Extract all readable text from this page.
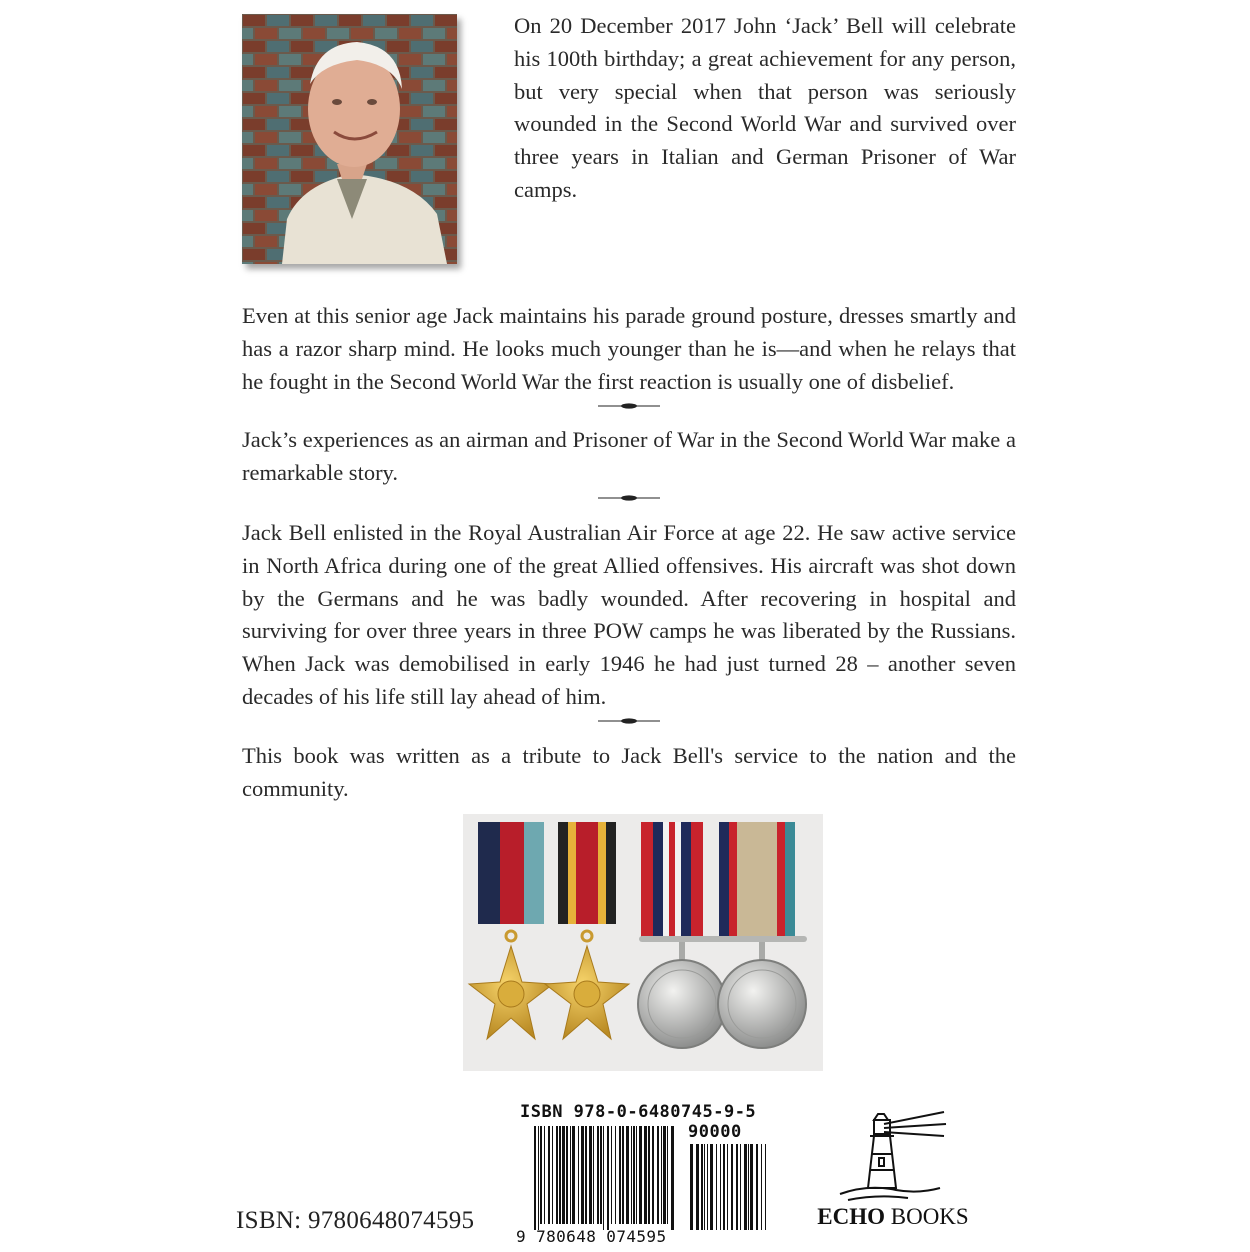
On 20 December 2017 John ‘Jack’ Bell will celebrate his 100th birthday; a great achievement for any person, but very special when that person was seriously wounded in the Second World War and survived over three years in Italian and German Prisoner of War camps.

Even at this senior age Jack maintains his parade ground posture, dresses smartly and has a razor sharp mind. He looks much younger than he is—and when he relays that he fought in the Second World War the first reaction is usually one of disbelief.

Jack’s experiences as an airman and Prisoner of War in the Second World War make a remarkable story.

Jack Bell enlisted in the Royal Australian Air Force at age 22. He saw active service in North Africa during one of the great Allied offensives. His aircraft was shot down by the Germans and he was badly wounded. After recovering in hospital and surviving for over three years in three POW camps he was liberated by the Russians. When Jack was demobilised in early 1946 he had just turned 28 – another seven decades of his life still lay ahead of him.

This book was written as a tribute to Jack Bell's service to the nation and the community.

ISBN: 9780648074595
ISBN 978-0-6480745-9-5
90000
9 780648 074595
ECHO BOOKS
